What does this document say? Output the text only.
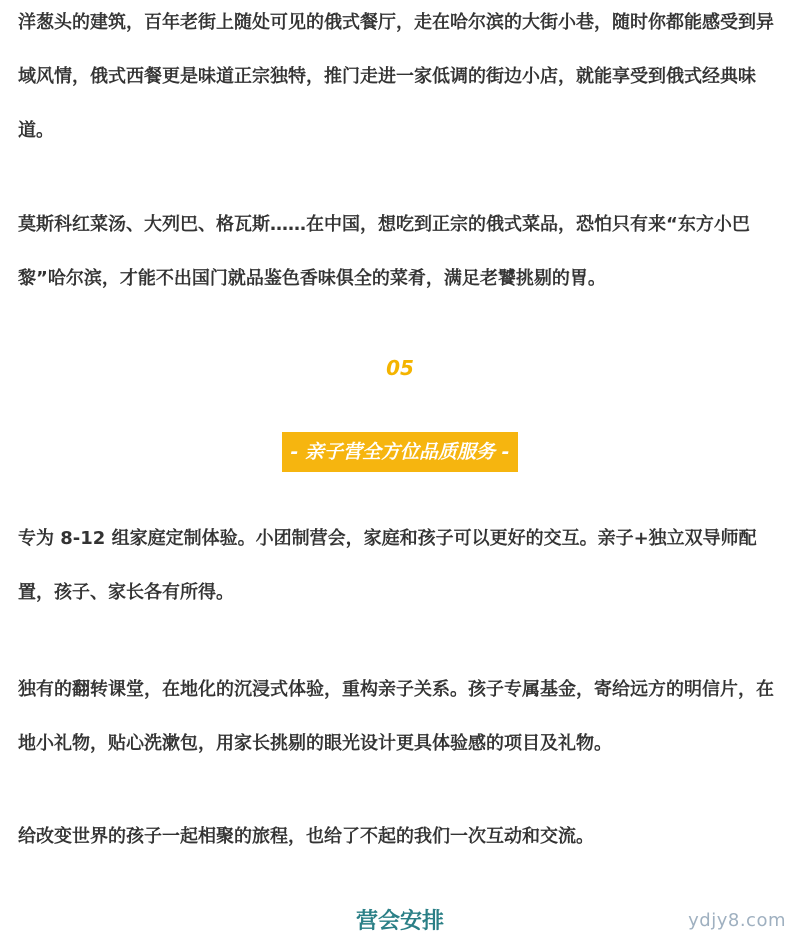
洋葱头的建筑，百年老街上随处可见的俄式餐厅，走在哈尔滨的大街小巷，随时你都能感受到异域风情，俄式西餐更是味道正宗独特，推门走进一家低调的街边小店，就能享受到俄式经典味道。

莫斯科红菜汤、大列巴、格瓦斯……在中国，想吃到正宗的俄式菜品，恐怕只有来“东方小巴黎”哈尔滨，才能不出国门就品鉴色香味俱全的菜肴，满足老饕挑剔的胃。

05
- 亲子营全方位品质服务 -

专为 8-12 组家庭定制体验。小团制营会，家庭和孩子可以更好的交互。亲子+独立双导师配置，孩子、家长各有所得。

独有的翻转课堂，在地化的沉浸式体验，重构亲子关系。孩子专属基金，寄给远方的明信片，在地小礼物，贴心洗漱包，用家长挑剔的眼光设计更具体验感的项目及礼物。

给改变世界的孩子一起相聚的旅程，也给了不起的我们一次互动和交流。

营会安排	ydjy8.com
